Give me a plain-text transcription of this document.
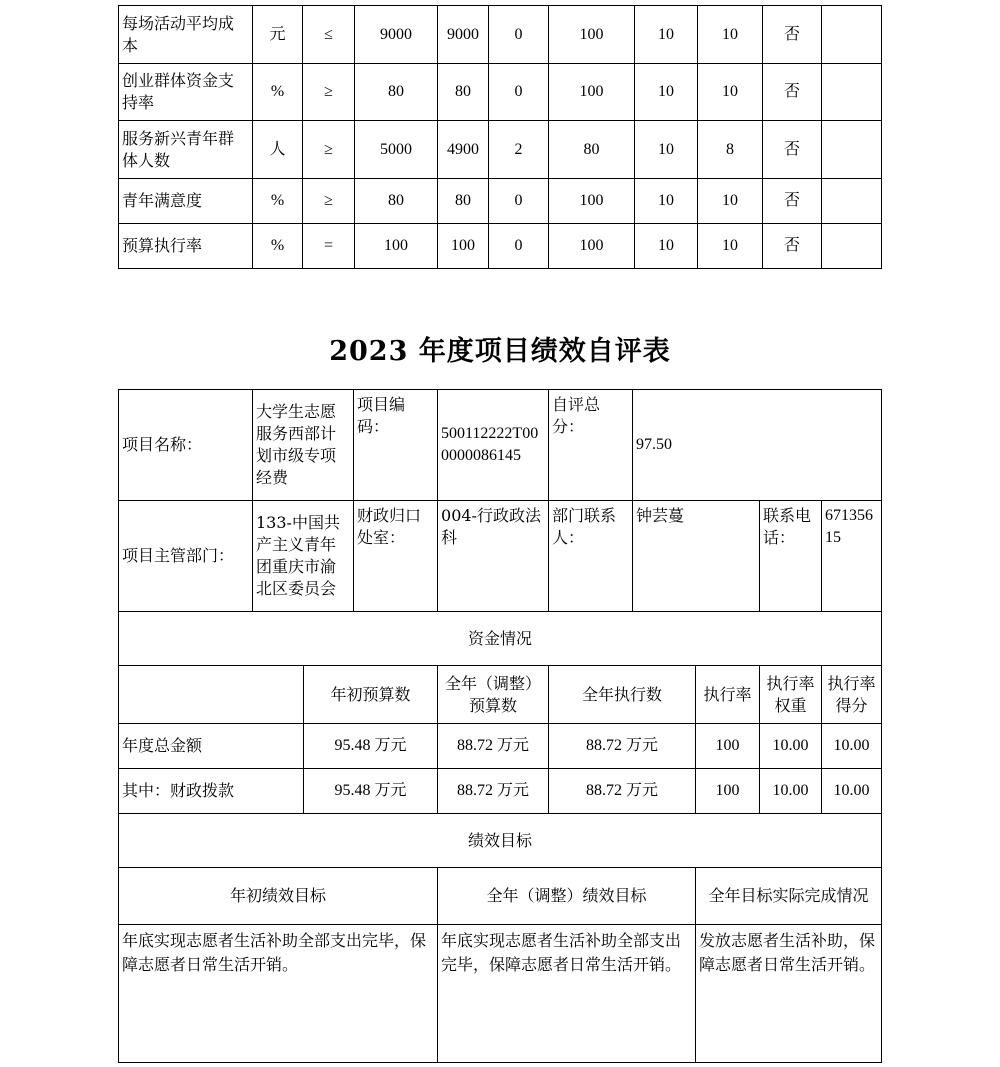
每场活动平均成本	元	≤	9000	9000	0	100	10	10	否	
创业群体资金支持率	%	≥	80	80	0	100	10	10	否	
服务新兴青年群体人数	人	≥	5000	4900	2	80	10	8	否	
青年满意度	%	≥	80	80	0	100	10	10	否	
预算执行率	%	=	100	100	0	100	10	10	否	
2023 年度项目绩效自评表
项目名称：	大学生志愿服务西部计划市级专项经费		项目编码：	500112222T000000086145	自评总分：	97.50			
项目主管部门：	133-中国共产主义青年团重庆市渝北区委员会		财政归口处室：	004-行政政法科	部门联系人：	钟芸蔓		联系电话：	67135615
资金情况									
		年初预算数		全年（调整）预算数	全年执行数		执行率	执行率权重	执行率得分
年度总金额		95.48 万元		88.72 万元	88.72 万元		100	10.00	10.00
其中：财政拨款		95.48 万元		88.72 万元	88.72 万元		100	10.00	10.00
绩效目标									
年初绩效目标				全年（调整）绩效目标			全年目标实际完成情况		
年底实现志愿者生活补助全部支出完毕，保障志愿者日常生活开销。				年底实现志愿者生活补助全部支出完毕，保障志愿者日常生活开销。			发放志愿者生活补助，保障志愿者日常生活开销。		
